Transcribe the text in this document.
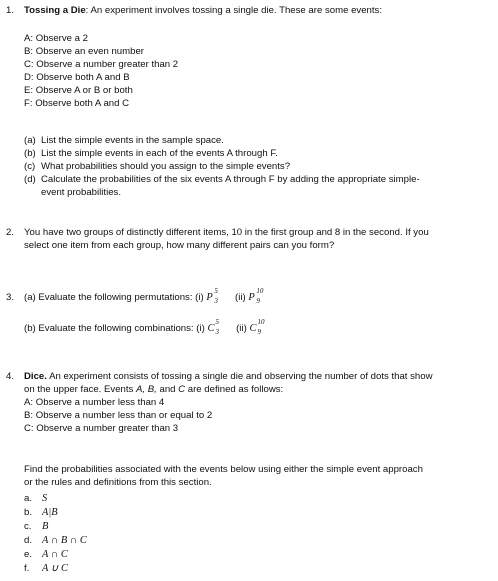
1. Tossing a Die: An experiment involves tossing a single die. These are some events:
A: Observe a 2
B: Observe an even number
C: Observe a number greater than 2
D: Observe both A and B
E: Observe A or B or both
F: Observe both A and C
(a) List the simple events in the sample space.
(b) List the simple events in each of the events A through F.
(c) What probabilities should you assign to the simple events?
(d) Calculate the probabilities of the six events A through F by adding the appropriate simple-
event probabilities.
2. You have two groups of distinctly different items, 10 in the first group and 8 in the second. If you
select one item from each group, how many different pairs can you form?
3. (a) Evaluate the following permutations: (i) P
5
3 (ii) P
10
9
(b) Evaluate the following combinations: (i) C
5
3 (ii) C
10
9
4. Dice. An experiment consists of tossing a single die and observing the number of dots that show
on the upper face. Events A, B, and C are defined as follows:
A: Observe a number less than 4
B: Observe a number less than or equal to 2
C: Observe a number greater than 3
Find the probabilities associated with the events below using either the simple event approach
or the rules and definitions from this section.
a. S
b. A|B
c. B
d. A ∩ B ∩ C
e. A ∩ C
f. A ∪ C
